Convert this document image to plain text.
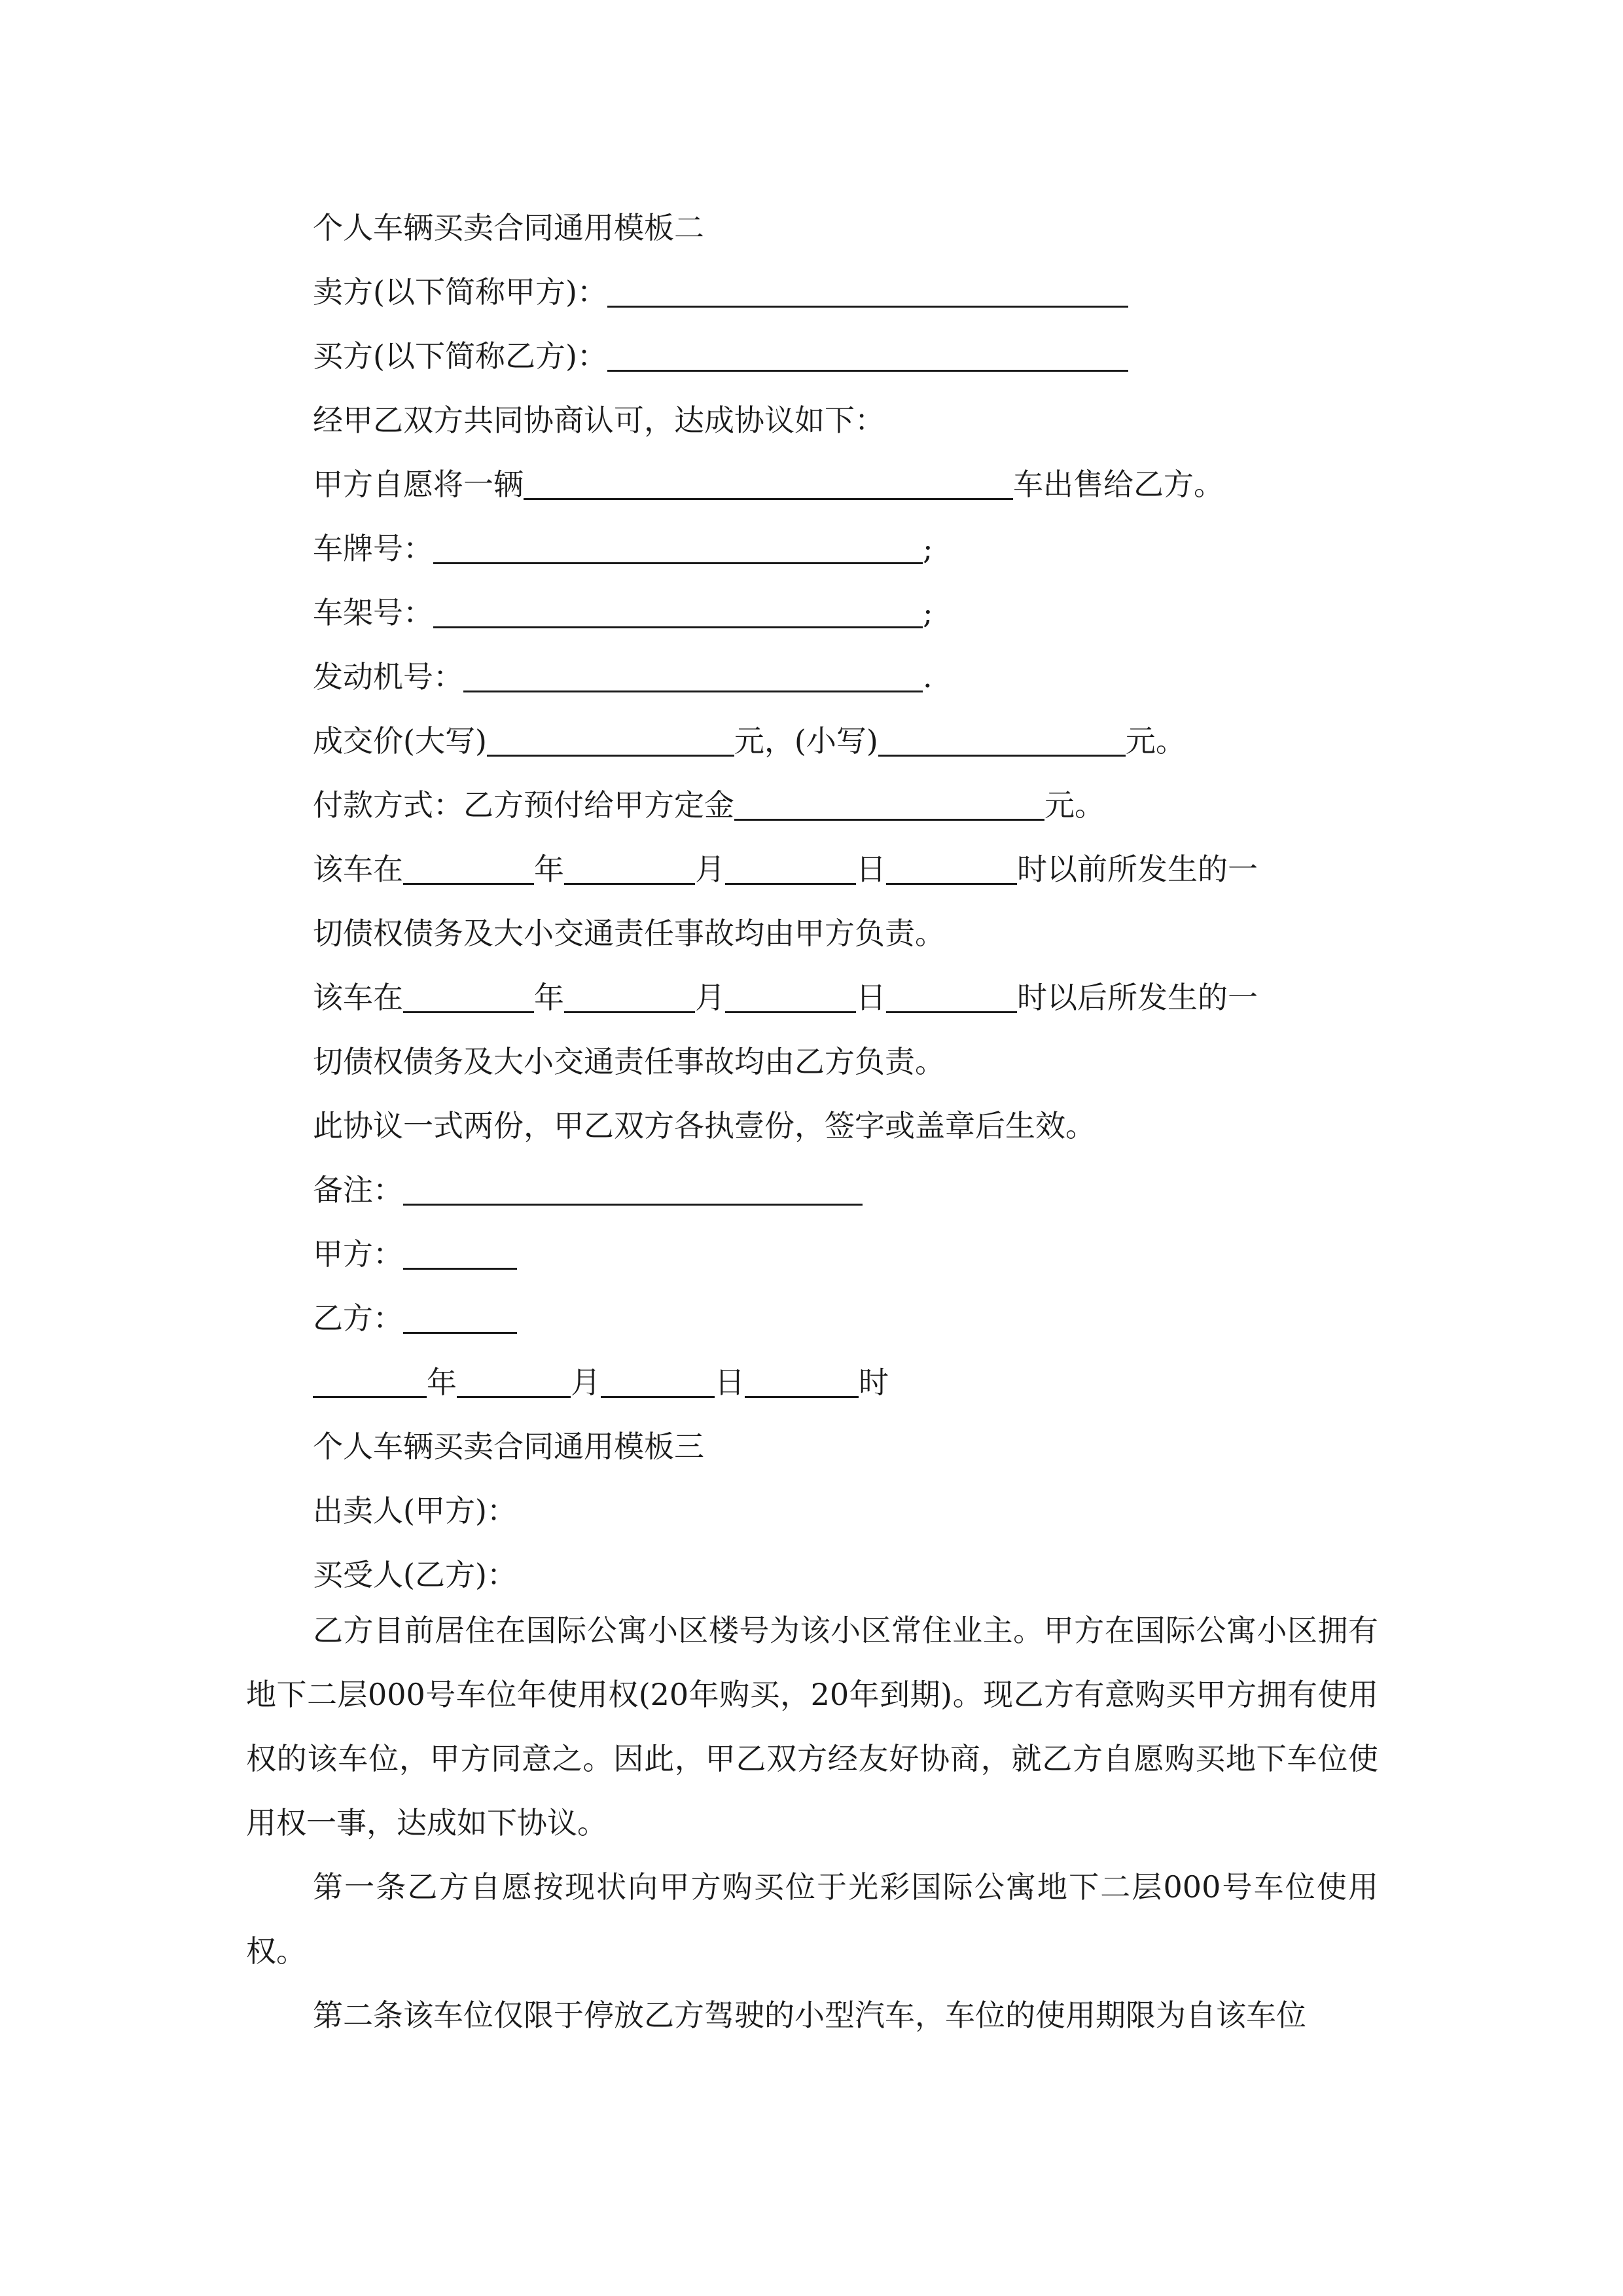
个人车辆买卖合同通用模板二
卖方(以下简称甲方)：
买方(以下简称乙方)：
经甲乙双方共同协商认可，达成协议如下：
甲方自愿将一辆	车出售给乙方。
车牌号：	;
车架号：	;
发动机号：	.
成交价(大写)	元，(小写)	元。
付款方式：乙方预付给甲方定金	元。
该车在	年	月	日	时以前所发生的一
切债权债务及大小交通责任事故均由甲方负责。
该车在	年	月	日	时以后所发生的一
切债权债务及大小交通责任事故均由乙方负责。
此协议一式两份，甲乙双方各执壹份，签字或盖章后生效。
备注：
甲方：
乙方：
年	月	日	时
个人车辆买卖合同通用模板三
出卖人(甲方)：
买受人(乙方)：
乙方目前居住在国际公寓小区楼号为该小区常住业主。甲方在国际公寓小区拥有地下二层000号车位年使用权(20年购买，20年到期)。现乙方有意购买甲方拥有使用权的该车位，甲方同意之。因此，甲乙双方经友好协商，就乙方自愿购买地下车位使用权一事，达成如下协议。
第一条乙方自愿按现状向甲方购买位于光彩国际公寓地下二层000号车位使用权。
第二条该车位仅限于停放乙方驾驶的小型汽车，车位的使用期限为自该车位
